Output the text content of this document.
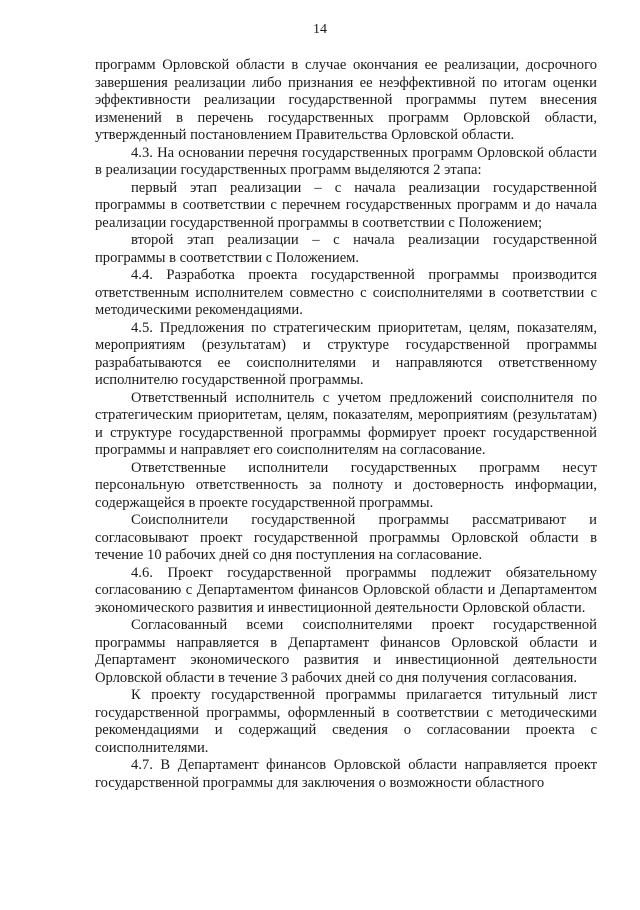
14

программ Орловской области в случае окончания ее реализации, досрочного завершения реализации либо признания ее неэффективной по итогам оценки эффективности реализации государственной программы путем внесения изменений в перечень государственных программ Орловской области, утвержденный постановлением Правительства Орловской области.

4.3. На основании перечня государственных программ Орловской области в реализации государственных программ выделяются 2 этапа:

первый этап реализации – с начала реализации государственной программы в соответствии с перечнем государственных программ и до начала реализации государственной программы в соответствии с Положением;

второй этап реализации – с начала реализации государственной программы в соответствии с Положением.

4.4. Разработка проекта государственной программы производится ответственным исполнителем совместно с соисполнителями в соответствии с методическими рекомендациями.

4.5. Предложения по стратегическим приоритетам, целям, показателям, мероприятиям (результатам) и структуре государственной программы разрабатываются ее соисполнителями и направляются ответственному исполнителю государственной программы.

Ответственный исполнитель с учетом предложений соисполнителя по стратегическим приоритетам, целям, показателям, мероприятиям (результатам) и структуре государственной программы формирует проект государственной программы и направляет его соисполнителям на согласование.

Ответственные исполнители государственных программ несут персональную ответственность за полноту и достоверность информации, содержащейся в проекте государственной программы.

Соисполнители государственной программы рассматривают и согласовывают проект государственной программы Орловской области в течение 10 рабочих дней со дня поступления на согласование.

4.6. Проект государственной программы подлежит обязательному согласованию с Департаментом финансов Орловской области и Департаментом экономического развития и инвестиционной деятельности Орловской области.

Согласованный всеми соисполнителями проект государственной программы направляется в Департамент финансов Орловской области и Департамент экономического развития и инвестиционной деятельности Орловской области в течение 3 рабочих дней со дня получения согласования.

К проекту государственной программы прилагается титульный лист государственной программы, оформленный в соответствии с методическими рекомендациями и содержащий сведения о согласовании проекта с соисполнителями.

4.7. В Департамент финансов Орловской области направляется проект государственной программы для заключения о возможности областного
